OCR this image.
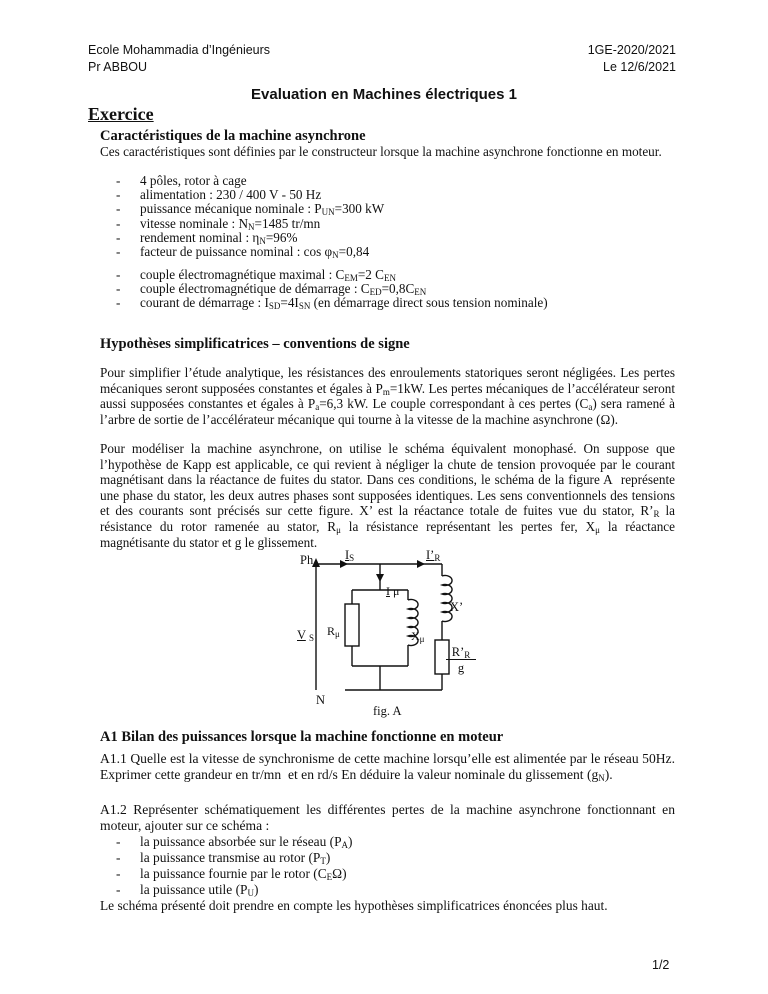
Ecole Mohammadia d’Ingénieurs
Pr ABBOU
1GE-2020/2021
Le 12/6/2021
Evaluation en Machines électriques 1
Exercice
Caractéristiques de la machine asynchrone
Ces caractéristiques sont définies par le constructeur lorsque la machine asynchrone fonctionne en moteur.
- 4 pôles, rotor à cage
- alimentation : 230 / 400 V - 50 Hz
- puissance mécanique nominale : $P_{UN}=300$ kW
- vitesse nominale : $N_N=1485$ tr/mn
- rendement nominal : $\eta_N=96\%$
- facteur de puissance nominal : $\cos \varphi_N=0,84$
- couple électromagnétique maximal : $C_{EM}=2$ $C_{EN}$
- couple électromagnétique de démarrage : $C_{ED}=0,8C_{EN}$
- courant de démarrage : $I_{SD}=4I_{SN}$ (en démarrage direct sous tension nominale)
Hypothèses simplificatrices – conventions de signe
Pour simplifier l’étude analytique, les résistances des enroulements statoriques seront négligées. Les pertes mécaniques seront supposées constantes et égales à $P_m=1kW$. Les pertes mécaniques de l’accélérateur seront aussi supposées constantes et égales à $P_a=6,3$ kW. Le couple correspondant à ces pertes $(C_a)$ sera ramené à l’arbre de sortie de l’accélérateur mécanique qui tourne à la vitesse de la machine asynchrone (Ω).
Pour modéliser la machine asynchrone, on utilise le schéma équivalent monophasé. On suppose que l’hypothèse de Kapp est applicable, ce qui revient à négliger la chute de tension provoquée par le courant magnétisant dans la réactance de fuites du stator. Dans ces conditions, le schéma de la figure A  représente une phase du stator, les deux autres phases sont supposées identiques. Les sens conventionnels des tensions et des courants sont précisés sur cette figure. X’ est la réactance totale de fuites vue du stator, $R’_R$ la résistance du rotor ramenée au stator, $R_\mu$ la résistance représentant les pertes fer, $X_\mu$ la réactance magnétisante du stator et g le glissement.
Ph	$I_S$	$I’_R$
I μ
X’
V $_S$ $R_\mu$	$X_\mu$
$R’_R$
g
N
fig. A
A1 Bilan des puissances lorsque la machine fonctionne en moteur
A1.1 Quelle est la vitesse de synchronisme de cette machine lorsqu’elle est alimentée par le réseau 50Hz. Exprimer cette grandeur en tr/mn  et en rd/s En déduire la valeur nominale du glissement $(g_N)$.
A1.2 Représenter schématiquement les différentes pertes de la machine asynchrone fonctionnant en moteur, ajouter sur ce schéma :
- la puissance absorbée sur le réseau $(P_A)$
- la puissance transmise au rotor $(P_T)$
- la puissance fournie par le rotor $(C_E\Omega)$
- la puissance utile $(P_U)$
Le schéma présenté doit prendre en compte les hypothèses simplificatrices énoncées plus haut.
1/2
